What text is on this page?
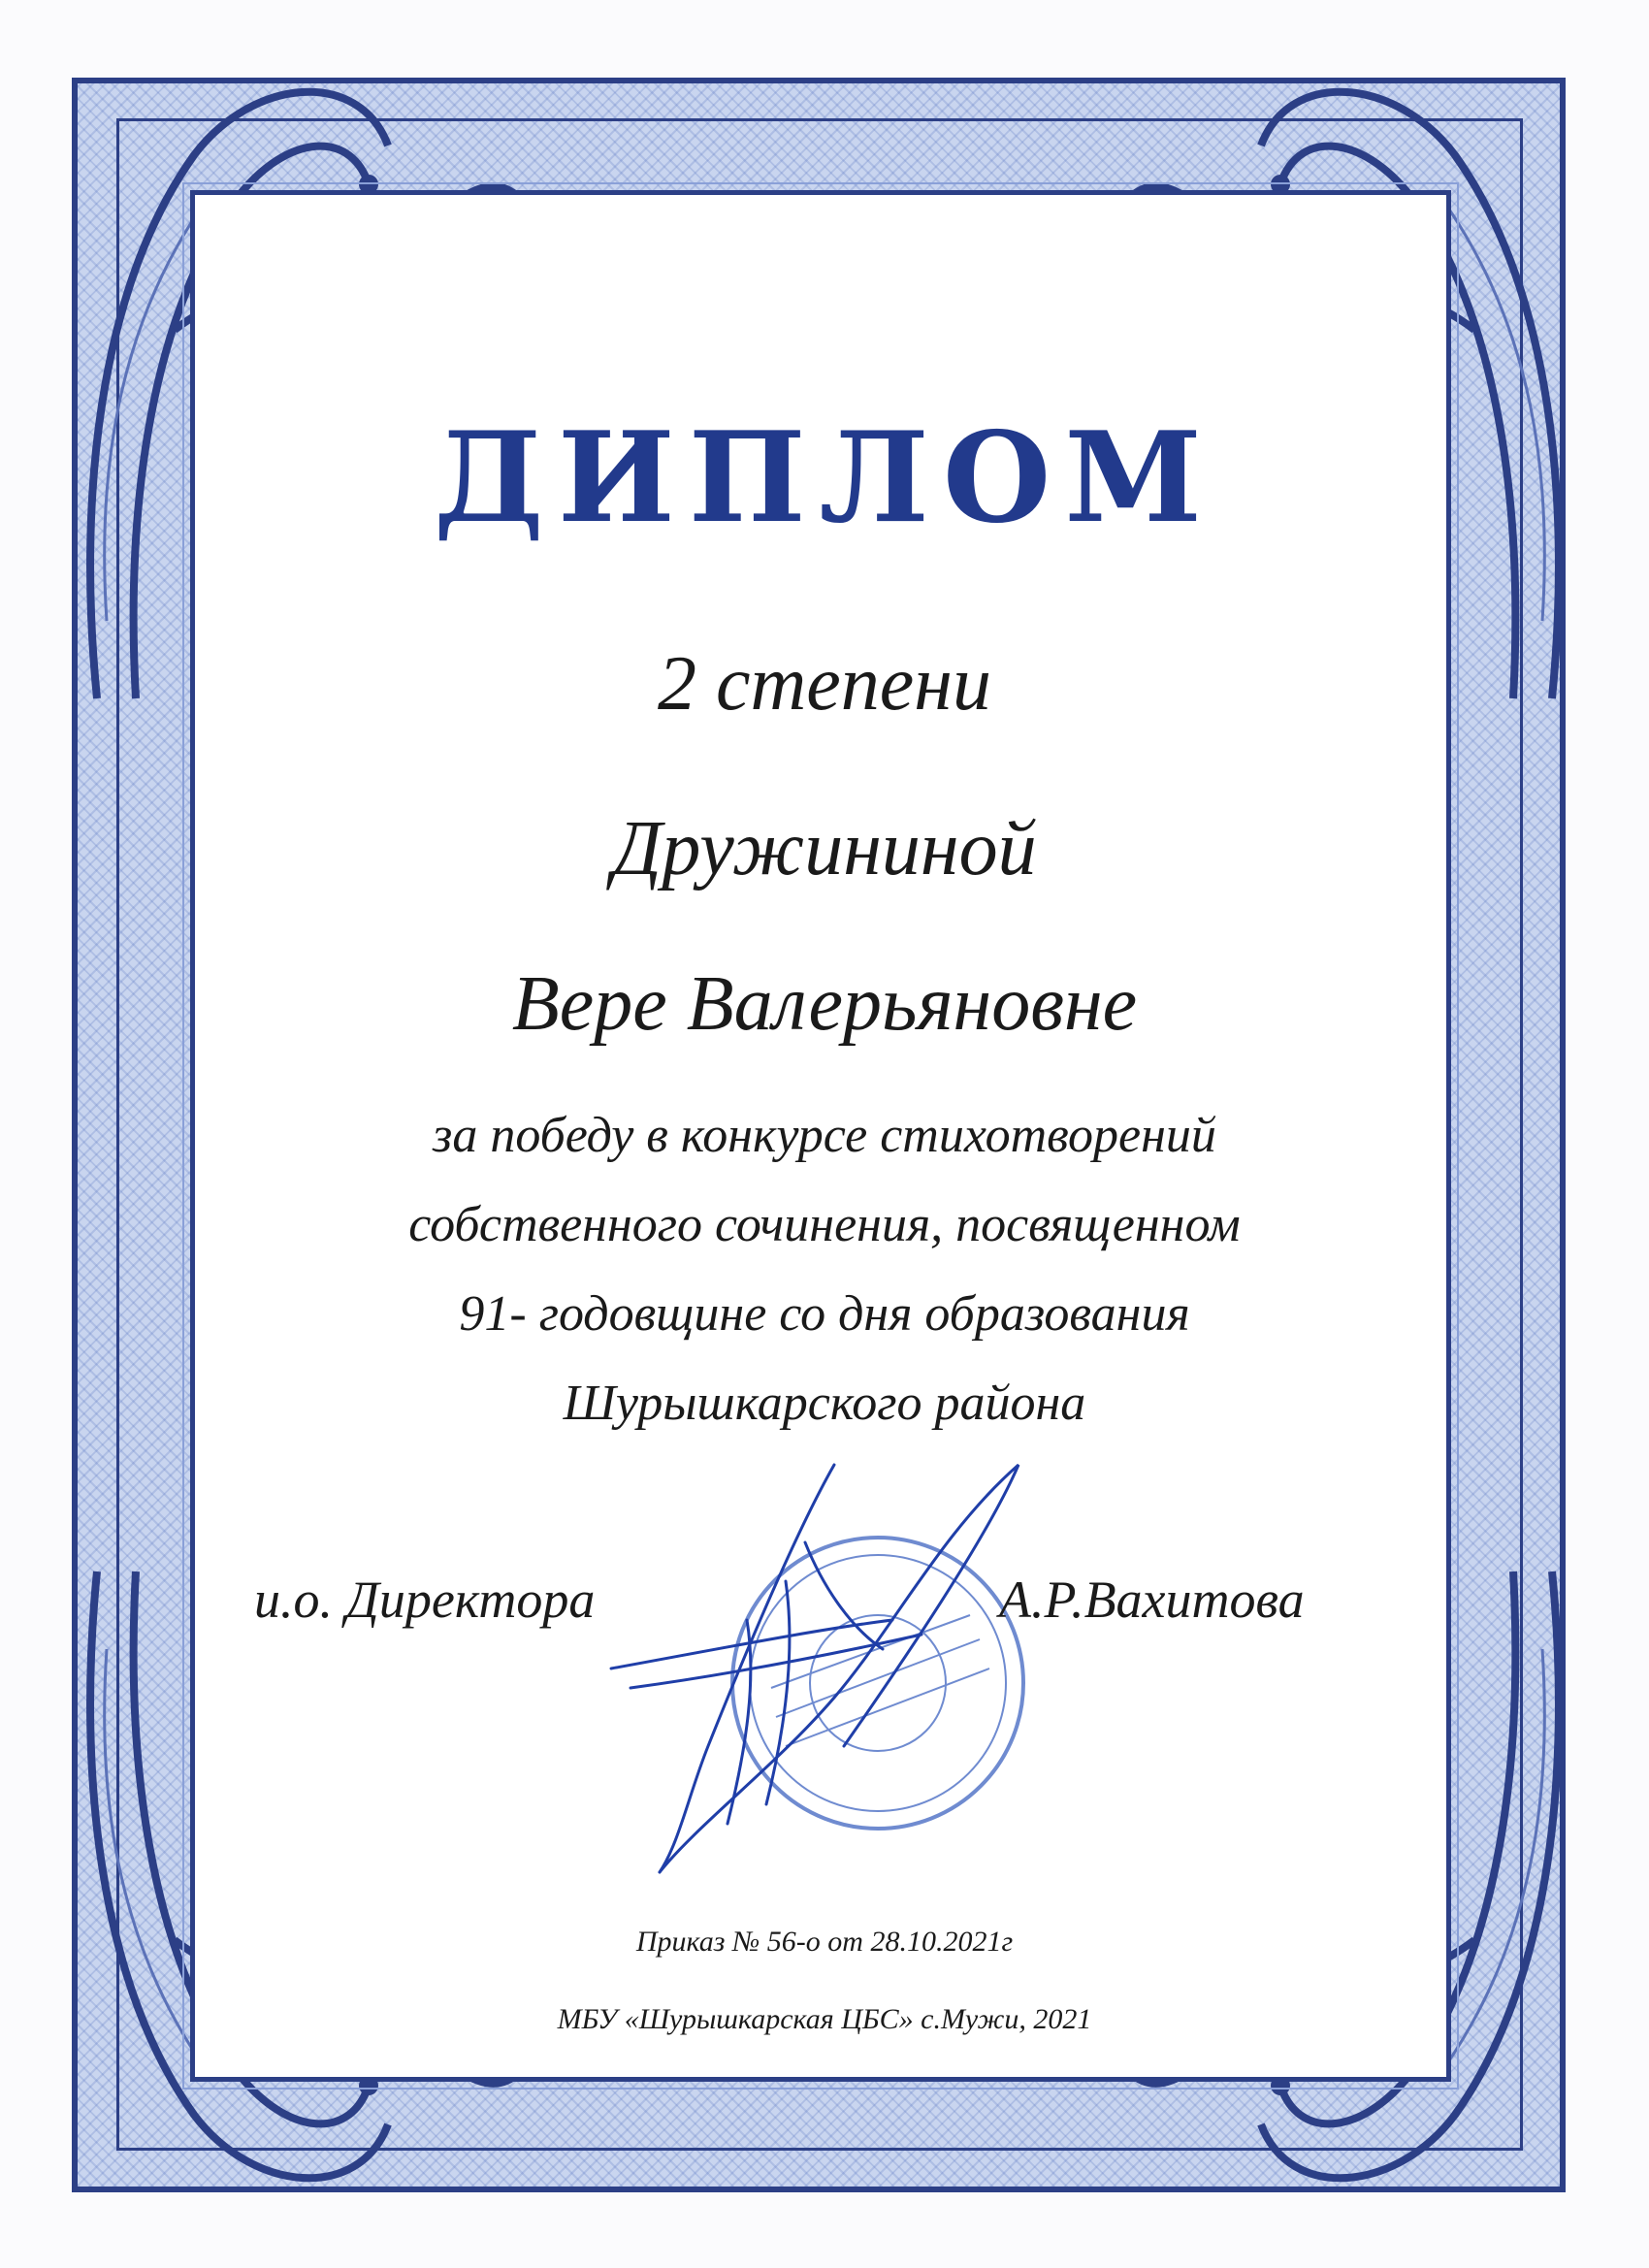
ДИПЛОМ
2 степени
Дружининой
Вере Валерьяновне
за победу в конкурсе стихотворений
собственного сочинения, посвященном
91- годовщине со дня образования
Шурышкарского района
и.о. Директора	А.Р.Вахитова
Приказ № 56-о от 28.10.2021г
МБУ «Шурышкарская ЦБС» с.Мужи, 2021
